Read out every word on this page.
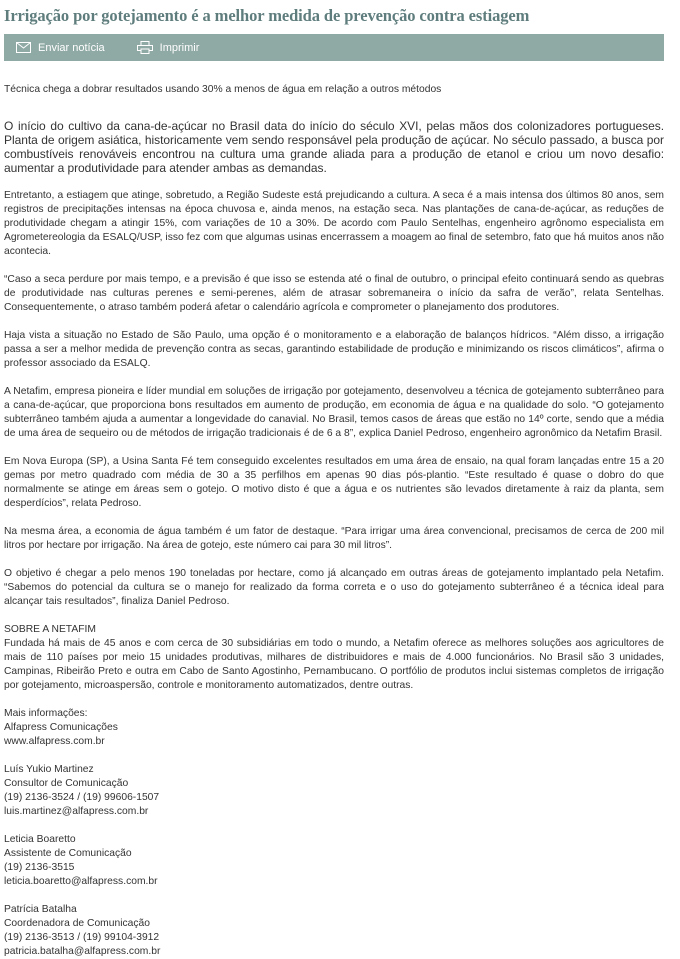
Irrigação por gotejamento é a melhor medida de prevenção contra estiagem
Enviar notícia	Imprimir

Técnica chega a dobrar resultados usando 30% a menos de água em relação a outros métodos

O início do cultivo da cana-de-açúcar no Brasil data do início do século XVI, pelas mãos dos colonizadores portugueses. Planta de origem asiática, historicamente vem sendo responsável pela produção de açúcar. No século passado, a busca por combustíveis renováveis encontrou na cultura uma grande aliada para a produção de etanol e criou um novo desafio: aumentar a produtividade para atender ambas as demandas.

Entretanto, a estiagem que atinge, sobretudo, a Região Sudeste está prejudicando a cultura. A seca é a mais intensa dos últimos 80 anos, sem registros de precipitações intensas na época chuvosa e, ainda menos, na estação seca. Nas plantações de cana-de-açúcar, as reduções de produtividade chegam a atingir 15%, com variações de 10 a 30%. De acordo com Paulo Sentelhas, engenheiro agrônomo especialista em Agrometereologia da ESALQ/USP, isso fez com que algumas usinas encerrassem a moagem ao final de setembro, fato que há muitos anos não acontecia.

“Caso a seca perdure por mais tempo, e a previsão é que isso se estenda até o final de outubro, o principal efeito continuará sendo as quebras de produtividade nas culturas perenes e semi-perenes, além de atrasar sobremaneira o início da safra de verão”, relata Sentelhas. Consequentemente, o atraso também poderá afetar o calendário agrícola e comprometer o planejamento dos produtores.

Haja vista a situação no Estado de São Paulo, uma opção é o monitoramento e a elaboração de balanços hídricos. “Além disso, a irrigação passa a ser a melhor medida de prevenção contra as secas, garantindo estabilidade de produção e minimizando os riscos climáticos”, afirma o professor associado da ESALQ.

A Netafim, empresa pioneira e líder mundial em soluções de irrigação por gotejamento, desenvolveu a técnica de gotejamento subterrâneo para a cana-de-açúcar, que proporciona bons resultados em aumento de produção, em economia de água e na qualidade do solo. “O gotejamento subterrâneo também ajuda a aumentar a longevidade do canavial. No Brasil, temos casos de áreas que estão no 14º corte, sendo que a média de uma área de sequeiro ou de métodos de irrigação tradicionais é de 6 a 8”, explica Daniel Pedroso, engenheiro agronômico da Netafim Brasil.

Em Nova Europa (SP), a Usina Santa Fé tem conseguido excelentes resultados em uma área de ensaio, na qual foram lançadas entre 15 a 20 gemas por metro quadrado com média de 30 a 35 perfilhos em apenas 90 dias pós-plantio. “Este resultado é quase o dobro do que normalmente se atinge em áreas sem o gotejo. O motivo disto é que a água e os nutrientes são levados diretamente à raiz da planta, sem desperdícios”, relata Pedroso.

Na mesma área, a economia de água também é um fator de destaque. “Para irrigar uma área convencional, precisamos de cerca de 200 mil litros por hectare por irrigação. Na área de gotejo, este número cai para 30 mil litros”.

O objetivo é chegar a pelo menos 190 toneladas por hectare, como já alcançado em outras áreas de gotejamento implantado pela Netafim. “Sabemos do potencial da cultura se o manejo for realizado da forma correta e o uso do gotejamento subterrâneo é a técnica ideal para alcançar tais resultados”, finaliza Daniel Pedroso.

SOBRE A NETAFIM

Fundada há mais de 45 anos e com cerca de 30 subsidiárias em todo o mundo, a Netafim oferece as melhores soluções aos agricultores de mais de 110 países por meio 15 unidades produtivas, milhares de distribuidores e mais de 4.000 funcionários. No Brasil são 3 unidades, Campinas, Ribeirão Preto e outra em Cabo de Santo Agostinho, Pernambucano. O portfólio de produtos inclui sistemas completos de irrigação por gotejamento, microaspersão, controle e monitoramento automatizados, dentre outras.

Mais informações:
Alfapress Comunicações
www.alfapress.com.br
Luís Yukio Martinez
Consultor de Comunicação
(19) 2136-3524 / (19) 99606-1507
luis.martinez@alfapress.com.br
Leticia Boaretto
Assistente de Comunicação
(19) 2136-3515
leticia.boaretto@alfapress.com.br
Patrícia Batalha
Coordenadora de Comunicação
(19) 2136-3513 / (19) 99104-3912
patricia.batalha@alfapress.com.br
